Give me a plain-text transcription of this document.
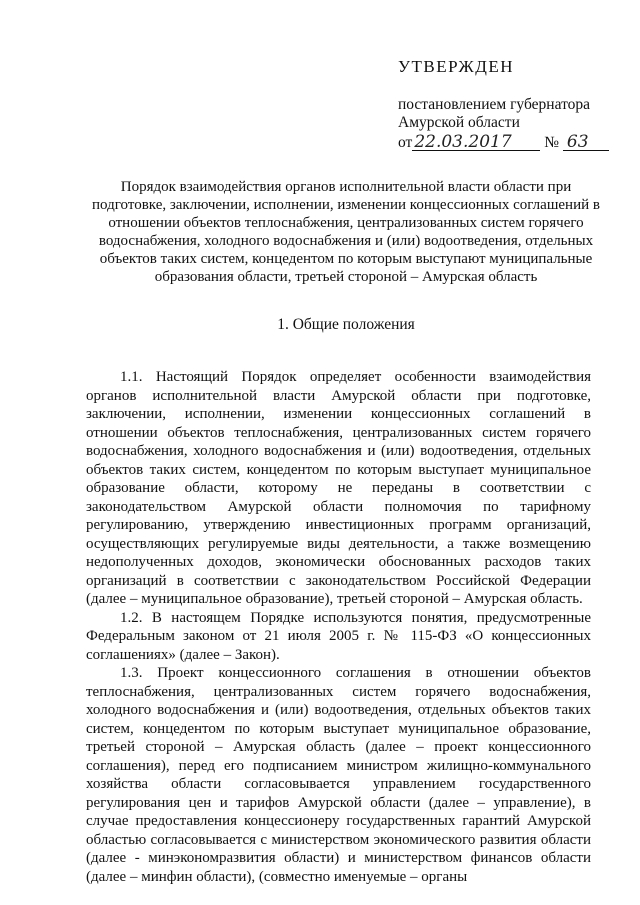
УТВЕРЖДЕН
постановлением губернатора
Амурской области
от 22.03.2017 № 63
Порядок взаимодействия органов исполнительной власти области при подготовке, заключении, исполнении, изменении концессионных соглашений в отношении объектов теплоснабжения, централизованных систем горячего водоснабжения, холодного водоснабжения и (или) водоотведения, отдельных объектов таких систем, концедентом по которым выступают муниципальные образования области, третьей стороной – Амурская область
1. Общие положения

1.1. Настоящий Порядок определяет особенности взаимодействия органов исполнительной власти Амурской области при подготовке, заключении, исполнении, изменении концессионных соглашений в отношении объектов теплоснабжения, централизованных систем горячего водоснабжения, холодного водоснабжения и (или) водоотведения, отдельных объектов таких систем, концедентом по которым выступает муниципальное образование области, которому не переданы в соответствии с законодательством Амурской области полномочия по тарифному регулированию, утверждению инвестиционных программ организаций, осуществляющих регулируемые виды деятельности, а также возмещению недополученных доходов, экономически обоснованных расходов таких организаций в соответствии с законодательством Российской Федерации (далее – муниципальное образование), третьей стороной – Амурская область.

1.2. В настоящем Порядке используются понятия, предусмотренные Федеральным законом от 21 июля 2005 г. № 115-ФЗ «О концессионных соглашениях» (далее – Закон).

1.3. Проект концессионного соглашения в отношении объектов теплоснабжения, централизованных систем горячего водоснабжения, холодного водоснабжения и (или) водоотведения, отдельных объектов таких систем, концедентом по которым выступает муниципальное образование, третьей стороной – Амурская область (далее – проект концессионного соглашения), перед его подписанием министром жилищно-коммунального хозяйства области согласовывается управлением государственного регулирования цен и тарифов Амурской области (далее – управление), в случае предоставления концессионеру государственных гарантий Амурской областью согласовывается с министерством экономического развития области (далее - минэкономразвития области) и министерством финансов области (далее – минфин области), (совместно именуемые – органы
